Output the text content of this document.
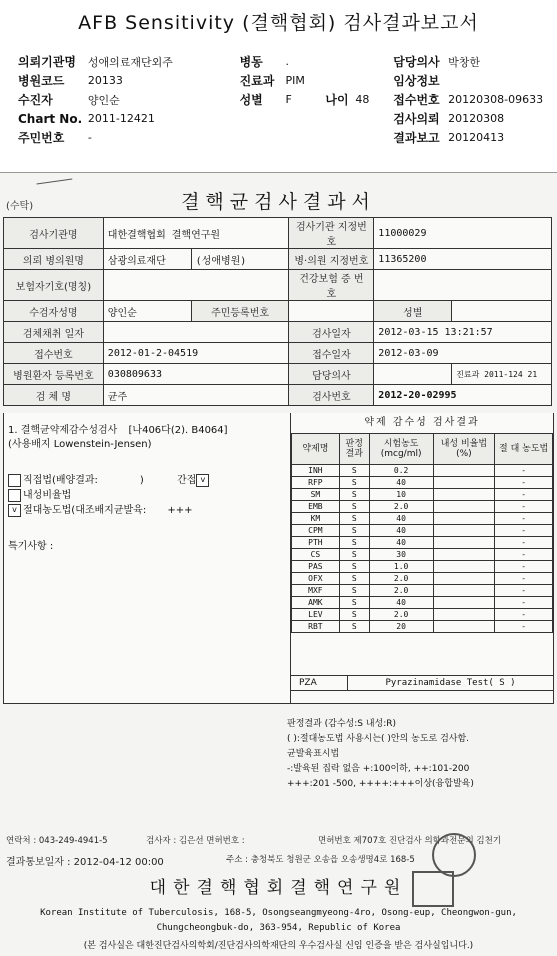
AFB Sensitivity (결핵협회) 검사결과보고서
의뢰기관명	성애의료재단외주	병동	.	담당의사 박창한
병원코드	20133	진료과	PIM	임상정보
수진자	양인순	성별	F	나이 48	접수번호 20120308-09633
Chart No. 2011-12421	검사의뢰 20120308
주민번호	-	결과보고 20120413
(수탁)	결핵균검사결과서
검사기관명	대한결핵협회 결핵연구원		검사기관 지정번호	11000029	
의뢰 병의원명	삼광의료재단	(성애병원)	병·의원 지정번호	11365200	
보험자기호(명칭)			건강보험 증 번 호		
수검자성명	양인순	주민등록번호		성별	
검체채취 일자			검사일자	2012-03-15 13:21:57	
접수번호	2012-01-2-04519		접수일자	2012-03-09	
병원환자 등록번호	030809633		담당의사		진료과 2011-124 21
검 체 명	균주		검사번호	2012-20-02995	
1. 결핵균약제감수성검사 [나406다(2). B4064]
(사용배지 Lowenstein-Jensen)
직접법(배양결과:	)	간접 v
내성비율법
v 절대농도법(대조배지균발육: +++
특기사항 :
약제 감수성 검사결과
약제명	판정 결과	시험농도 (mcg/ml)	내성 비율법(%)	절 대 농도법
INH	S	0.2		-
RFP	S	40		-
SM	S	10		-
EMB	S	2.0		-
KM	S	40		-
CPM	S	40		-
PTH	S	40		-
CS	S	30		-
PAS	S	1.0		-
OFX	S	2.0		-
MXF	S	2.0		-
AMK	S	40		-
LEV	S	2.0		-
RBT	S	20		-
PZA	Pyrazinamidase Test( S )
판정결과 (감수성:S 내성:R)
( ):절대농도법 사용시는( )안의 농도로 검사함.
균발육표시법
-:발육된 집락 없음 +:100이하, ++:101-200
+++:201 -500, ++++:+++이상(융합발육)
연락처 : 043-249-4941-5	검사자 : 김은선 면허번호 :	면허번호 제707호 진단검사 의학과전문의 김천기
결과통보일자 : 2012-04-12 00:00	주소 : 충청북도 청원군 오송읍 오송생명4로 168-5
대한결핵협회결핵연구원
Korean Institute of Tuberculosis, 168-5, Osongseangmyeong-4ro, Osong-eup, Cheongwon-gun,
Chungcheongbuk-do, 363-954, Republic of Korea
(본 검사실은 대한진단검사의학회/진단검사의학재단의 우수검사실 신임 인증을 받은 검사실입니다.)
